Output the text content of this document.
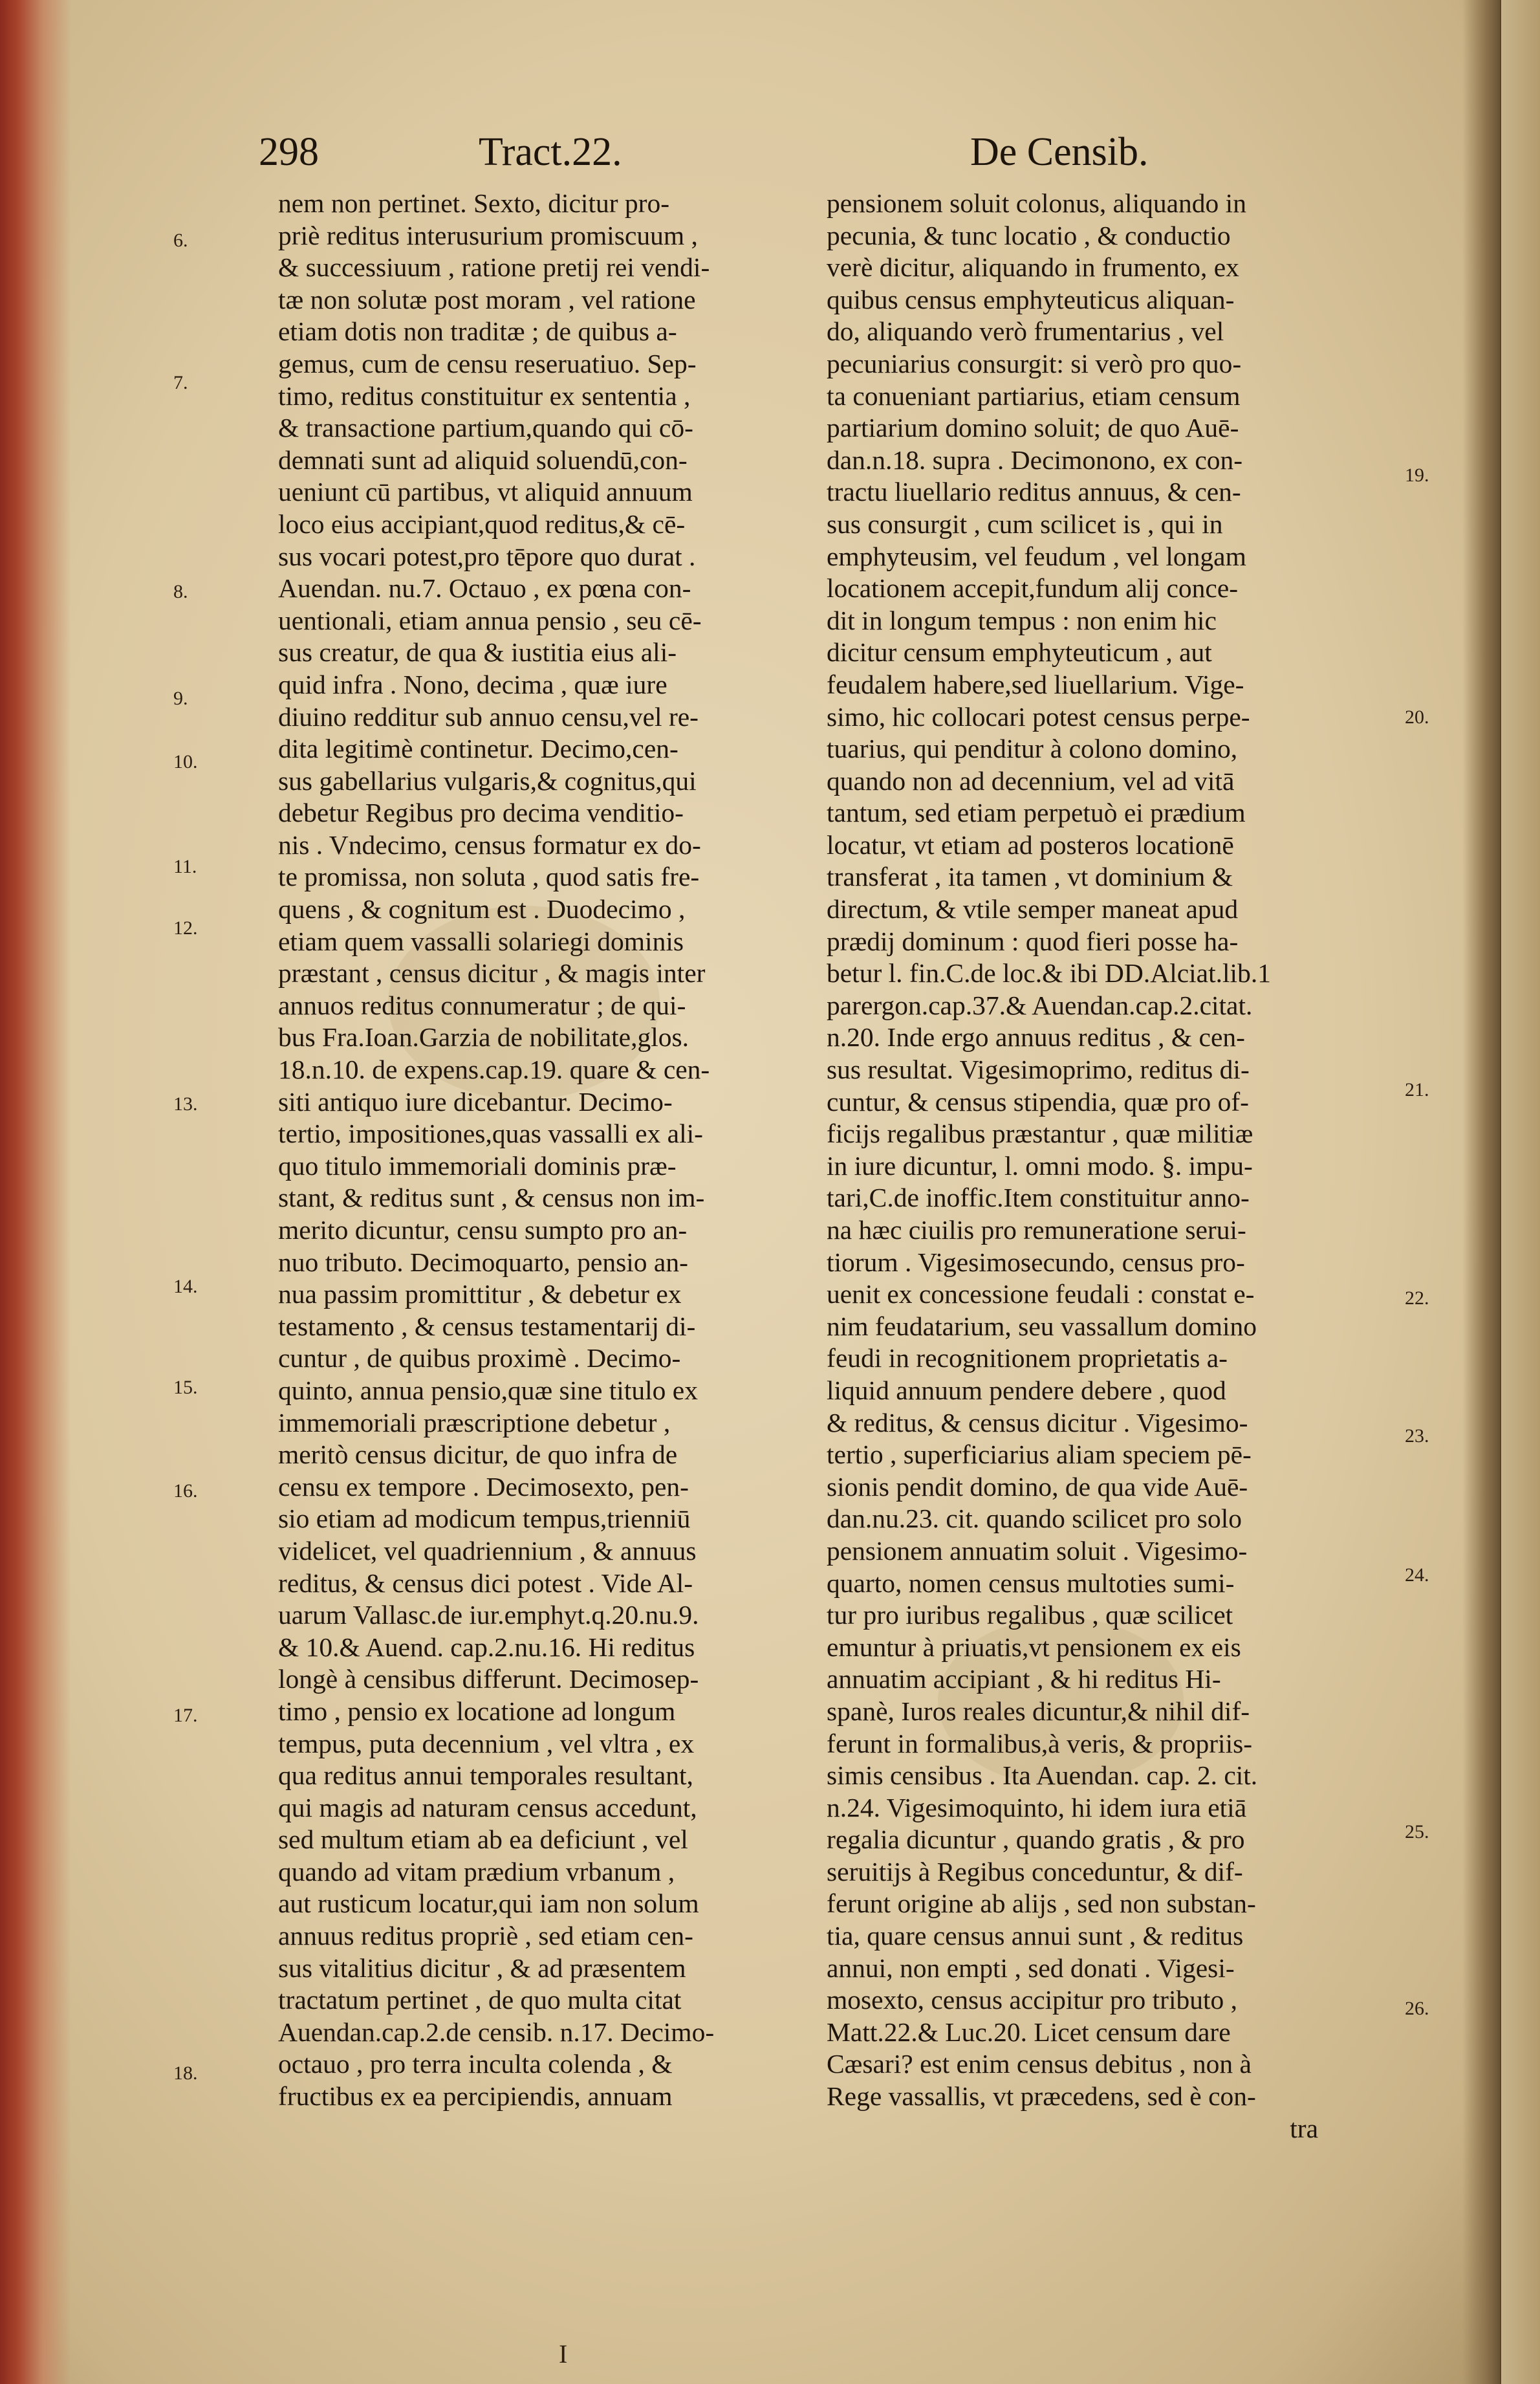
298	Tract.22.	De Censib.
nem non pertinet. Sexto, dicitur pro-
priè reditus interusurium promiscuum ,
& successiuum , ratione pretij rei vendi-
tæ non solutæ post moram , vel ratione
etiam dotis non traditæ ; de quibus a-
gemus, cum de censu reseruatiuo. Sep-
timo, reditus constituitur ex sententia ,
& transactione partium,quando qui cō-
demnati sunt ad aliquid soluendū,con-
ueniunt cū partibus, vt aliquid annuum
loco eius accipiant,quod reditus,& cē-
sus vocari potest,pro tēpore quo durat .
Auendan. nu.7. Octauo , ex pœna con-
uentionali, etiam annua pensio , seu cē-
sus creatur, de qua & iustitia eius ali-
quid infra . Nono, decima , quæ iure
diuino redditur sub annuo censu,vel re-
dita legitimè continetur. Decimo,cen-
sus gabellarius vulgaris,& cognitus,qui
debetur Regibus pro decima venditio-
nis . Vndecimo, census formatur ex do-
te promissa, non soluta , quod satis fre-
quens , & cognitum est . Duodecimo ,
etiam quem vassalli solariegi dominis
præstant , census dicitur , & magis inter
annuos reditus connumeratur ; de qui-
bus Fra.Ioan.Garzia de nobilitate,glos.
18.n.10. de expens.cap.19. quare & cen-
siti antiquo iure dicebantur. Decimo-
tertio, impositiones,quas vassalli ex ali-
quo titulo immemoriali dominis præ-
stant, & reditus sunt , & census non im-
merito dicuntur, censu sumpto pro an-
nuo tributo. Decimoquarto, pensio an-
nua passim promittitur , & debetur ex
testamento , & census testamentarij di-
cuntur , de quibus proximè . Decimo-
quinto, annua pensio,quæ sine titulo ex
immemoriali præscriptione debetur ,
meritò census dicitur, de quo infra de
censu ex tempore . Decimosexto, pen-
sio etiam ad modicum tempus,trienniū
videlicet, vel quadriennium , & annuus
reditus, & census dici potest . Vide Al-
uarum Vallasc.de iur.emphyt.q.20.nu.9.
& 10.& Auend. cap.2.nu.16. Hi reditus
longè à censibus differunt. Decimosep-
timo , pensio ex locatione ad longum
tempus, puta decennium , vel vltra , ex
qua reditus annui temporales resultant,
qui magis ad naturam census accedunt,
sed multum etiam ab ea deficiunt , vel
quando ad vitam prædium vrbanum ,
aut rusticum locatur,qui iam non solum
annuus reditus propriè , sed etiam cen-
sus vitalitius dicitur , & ad præsentem
tractatum pertinet , de quo multa citat
Auendan.cap.2.de censib. n.17. Decimo-
octauo , pro terra inculta colenda , &
fructibus ex ea percipiendis, annuam
pensionem soluit colonus, aliquando in
pecunia, & tunc locatio , & conductio
verè dicitur, aliquando in frumento, ex
quibus census emphyteuticus aliquan-
do, aliquando verò frumentarius , vel
pecuniarius consurgit: si verò pro quo-
ta conueniant partiarius, etiam censum
partiarium domino soluit; de quo Auē-
dan.n.18. supra . Decimonono, ex con-
tractu liuellario reditus annuus, & cen-
sus consurgit , cum scilicet is , qui in
emphyteusim, vel feudum , vel longam
locationem accepit,fundum alij conce-
dit in longum tempus : non enim hic
dicitur censum emphyteuticum , aut
feudalem habere,sed liuellarium. Vige-
simo, hic collocari potest census perpe-
tuarius, qui penditur à colono domino,
quando non ad decennium, vel ad vitā
tantum, sed etiam perpetuò ei prædium
locatur, vt etiam ad posteros locationē
transferat , ita tamen , vt dominium &
directum, & vtile semper maneat apud
prædij dominum : quod fieri posse ha-
betur l. fin.C.de loc.& ibi DD.Alciat.lib.1
parergon.cap.37.& Auendan.cap.2.citat.
n.20. Inde ergo annuus reditus , & cen-
sus resultat. Vigesimoprimo, reditus di-
cuntur, & census stipendia, quæ pro of-
ficijs regalibus præstantur , quæ militiæ
in iure dicuntur, l. omni modo. §. impu-
tari,C.de inoffic.Item constituitur anno-
na hæc ciuilis pro remuneratione serui-
tiorum . Vigesimosecundo, census pro-
uenit ex concessione feudali : constat e-
nim feudatarium, seu vassallum domino
feudi in recognitionem proprietatis a-
liquid annuum pendere debere , quod
& reditus, & census dicitur . Vigesimo-
tertio , superficiarius aliam speciem pē-
sionis pendit domino, de qua vide Auē-
dan.nu.23. cit. quando scilicet pro solo
pensionem annuatim soluit . Vigesimo-
quarto, nomen census multoties sumi-
tur pro iuribus regalibus , quæ scilicet
emuntur à priuatis,vt pensionem ex eis
annuatim accipiant , & hi reditus Hi-
spanè, Iuros reales dicuntur,& nihil dif-
ferunt in formalibus,à veris, & propriis-
simis censibus . Ita Auendan. cap. 2. cit.
n.24. Vigesimoquinto, hi idem iura etiā
regalia dicuntur , quando gratis , & pro
seruitijs à Regibus conceduntur, & dif-
ferunt origine ab alijs , sed non substan-
tia, quare census annui sunt , & reditus
annui, non empti , sed donati . Vigesi-
mosexto, census accipitur pro tributo ,
Matt.22.& Luc.20. Licet censum dare
Cæsari? est enim census debitus , non à
Rege vassallis, vt præcedens, sed è con-
tra
6.
7.
8.
9.
10.
11.
12.
13.
14.
15.
16.
17.
18.
19.
20.
21.
22.
23.
24.
25.
26.
I
